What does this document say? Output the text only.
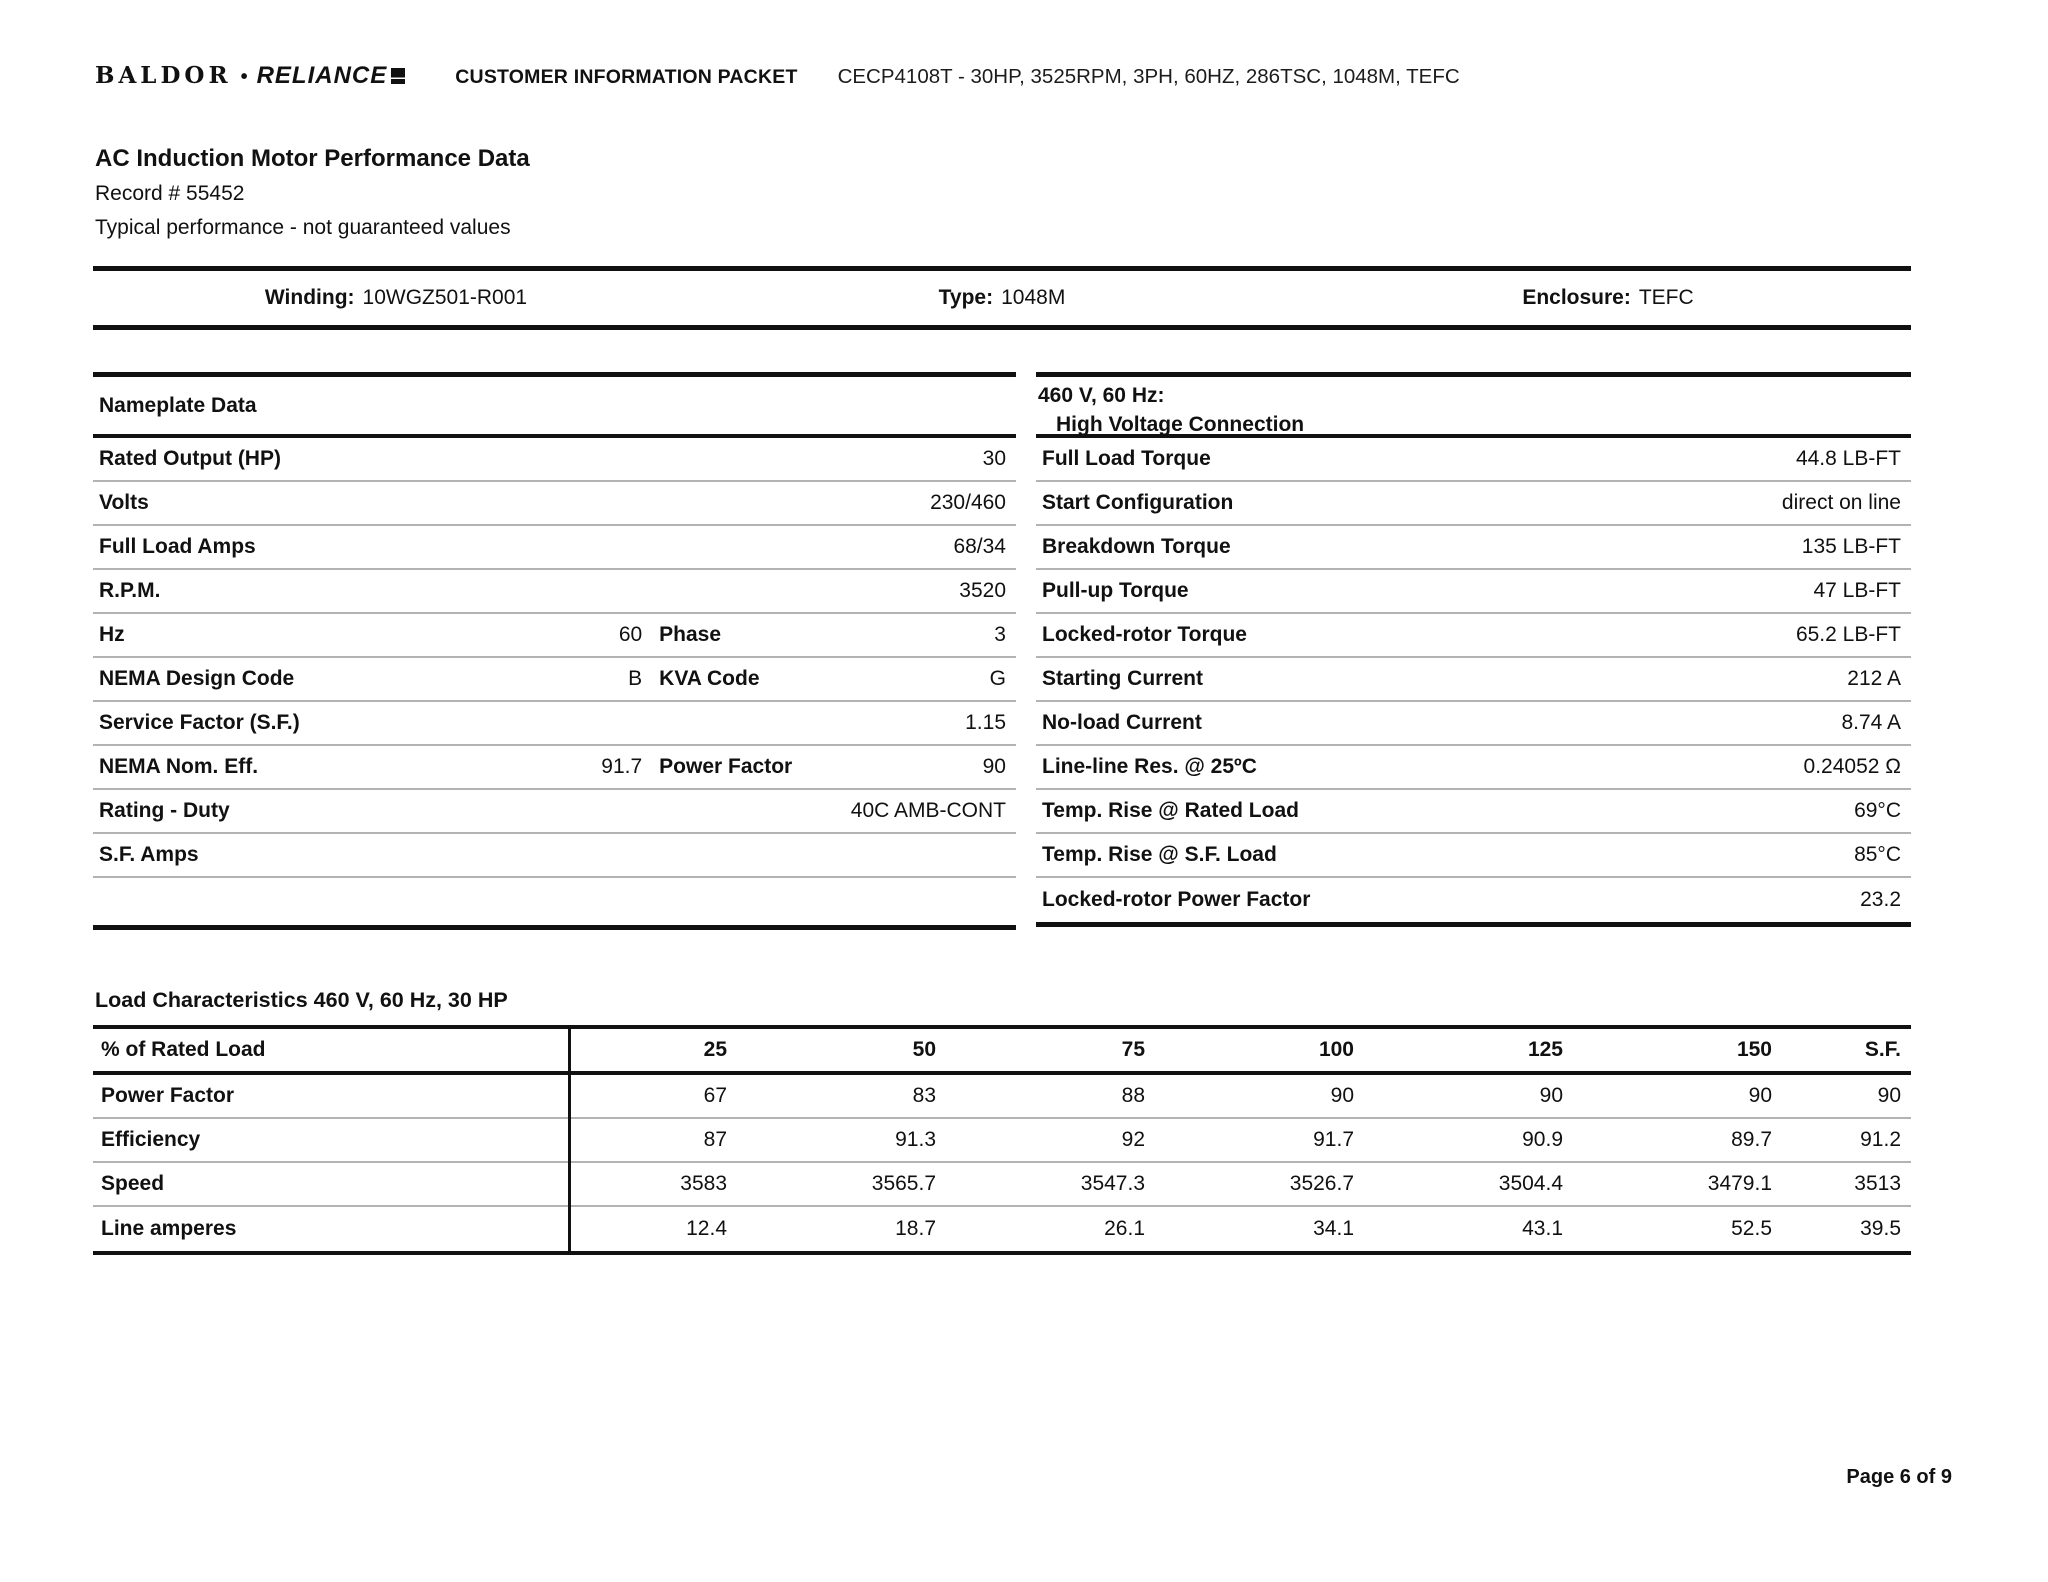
BALDOR • RELIANCE	CUSTOMER INFORMATION PACKET CECP4108T - 30HP, 3525RPM, 3PH, 60HZ, 286TSC, 1048M, TEFC

AC Induction Motor Performance Data

Record # 55452

Typical performance - not guaranteed values

Winding: 10WGZ501-R001	Type: 1048M	Enclosure: TEFC
Nameplate Data
Rated Output (HP)	30
Volts	230/460
Full Load Amps	68/34
R.P.M.	3520
Hz	60 Phase	3
NEMA Design Code	B KVA Code	G
Service Factor (S.F.)	1.15
NEMA Nom. Eff.	91.7 Power Factor	90
Rating - Duty	40C AMB-CONT
S.F. Amps
460 V, 60 Hz:
High Voltage Connection
Full Load Torque	44.8 LB-FT
Start Configuration	direct on line
Breakdown Torque	135 LB-FT
Pull-up Torque	47 LB-FT
Locked-rotor Torque	65.2 LB-FT
Starting Current	212 A
No-load Current	8.74 A
Line-line Res. @ 25ºC	0.24052 Ω
Temp. Rise @ Rated Load	69°C
Temp. Rise @ S.F. Load	85°C
Locked-rotor Power Factor	23.2
Load Characteristics 460 V, 60 Hz, 30 HP
% of Rated Load	25	50	75	100	125	150	S.F.
Power Factor	67	83	88	90	90	90	90
Efficiency	87	91.3	92	91.7	90.9	89.7	91.2
Speed	3583	3565.7	3547.3	3526.7	3504.4	3479.1	3513
Line amperes	12.4	18.7	26.1	34.1	43.1	52.5	39.5
Page 6 of 9
